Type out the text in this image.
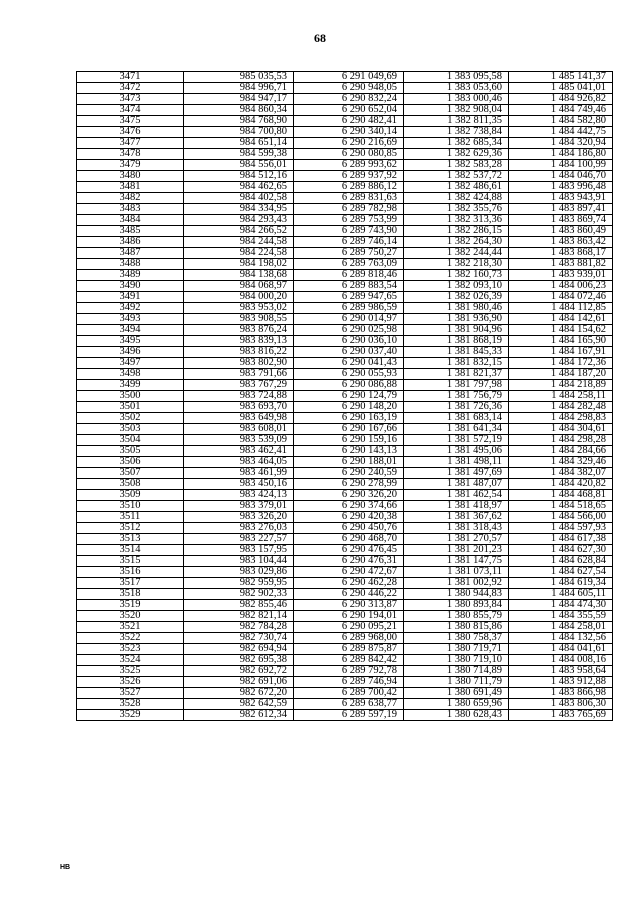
68
3471	985 035,53	6 291 049,69	1 383 095,58	1 485 141,37
3472	984 996,71	6 290 948,05	1 383 053,60	1 485 041,01
3473	984 947,17	6 290 832,24	1 383 000,46	1 484 926,82
3474	984 860,34	6 290 652,04	1 382 908,04	1 484 749,46
3475	984 768,90	6 290 482,41	1 382 811,35	1 484 582,80
3476	984 700,80	6 290 340,14	1 382 738,84	1 484 442,75
3477	984 651,14	6 290 216,69	1 382 685,34	1 484 320,94
3478	984 599,38	6 290 080,85	1 382 629,36	1 484 186,80
3479	984 556,01	6 289 993,62	1 382 583,28	1 484 100,99
3480	984 512,16	6 289 937,92	1 382 537,72	1 484 046,70
3481	984 462,65	6 289 886,12	1 382 486,61	1 483 996,48
3482	984 402,58	6 289 831,63	1 382 424,88	1 483 943,91
3483	984 334,95	6 289 782,98	1 382 355,76	1 483 897,41
3484	984 293,43	6 289 753,99	1 382 313,36	1 483 869,74
3485	984 266,52	6 289 743,90	1 382 286,15	1 483 860,49
3486	984 244,58	6 289 746,14	1 382 264,30	1 483 863,42
3487	984 224,58	6 289 750,27	1 382 244,44	1 483 868,17
3488	984 198,02	6 289 763,09	1 382 218,30	1 483 881,82
3489	984 138,68	6 289 818,46	1 382 160,73	1 483 939,01
3490	984 068,97	6 289 883,54	1 382 093,10	1 484 006,23
3491	984 000,20	6 289 947,65	1 382 026,39	1 484 072,46
3492	983 953,02	6 289 986,59	1 381 980,46	1 484 112,85
3493	983 908,55	6 290 014,97	1 381 936,90	1 484 142,61
3494	983 876,24	6 290 025,98	1 381 904,96	1 484 154,62
3495	983 839,13	6 290 036,10	1 381 868,19	1 484 165,90
3496	983 816,22	6 290 037,40	1 381 845,33	1 484 167,91
3497	983 802,90	6 290 041,43	1 381 832,15	1 484 172,36
3498	983 791,66	6 290 055,93	1 381 821,37	1 484 187,20
3499	983 767,29	6 290 086,88	1 381 797,98	1 484 218,89
3500	983 724,88	6 290 124,79	1 381 756,79	1 484 258,11
3501	983 693,70	6 290 148,20	1 381 726,36	1 484 282,48
3502	983 649,98	6 290 163,19	1 381 683,14	1 484 298,83
3503	983 608,01	6 290 167,66	1 381 641,34	1 484 304,61
3504	983 539,09	6 290 159,16	1 381 572,19	1 484 298,28
3505	983 462,41	6 290 143,13	1 381 495,06	1 484 284,66
3506	983 464,05	6 290 188,01	1 381 498,11	1 484 329,46
3507	983 461,99	6 290 240,59	1 381 497,69	1 484 382,07
3508	983 450,16	6 290 278,99	1 381 487,07	1 484 420,82
3509	983 424,13	6 290 326,20	1 381 462,54	1 484 468,81
3510	983 379,01	6 290 374,66	1 381 418,97	1 484 518,65
3511	983 326,20	6 290 420,38	1 381 367,62	1 484 566,00
3512	983 276,03	6 290 450,76	1 381 318,43	1 484 597,93
3513	983 227,57	6 290 468,70	1 381 270,57	1 484 617,38
3514	983 157,95	6 290 476,45	1 381 201,23	1 484 627,30
3515	983 104,44	6 290 476,31	1 381 147,75	1 484 628,84
3516	983 029,86	6 290 472,67	1 381 073,11	1 484 627,54
3517	982 959,95	6 290 462,28	1 381 002,92	1 484 619,34
3518	982 902,33	6 290 446,22	1 380 944,83	1 484 605,11
3519	982 855,46	6 290 313,87	1 380 893,84	1 484 474,30
3520	982 821,14	6 290 194,01	1 380 855,79	1 484 355,59
3521	982 784,28	6 290 095,21	1 380 815,86	1 484 258,01
3522	982 730,74	6 289 968,00	1 380 758,37	1 484 132,56
3523	982 694,94	6 289 875,87	1 380 719,71	1 484 041,61
3524	982 695,38	6 289 842,42	1 380 719,10	1 484 008,16
3525	982 692,72	6 289 792,78	1 380 714,89	1 483 958,64
3526	982 691,06	6 289 746,94	1 380 711,79	1 483 912,88
3527	982 672,20	6 289 700,42	1 380 691,49	1 483 866,98
3528	982 642,59	6 289 638,77	1 380 659,96	1 483 806,30
3529	982 612,34	6 289 597,19	1 380 628,43	1 483 765,69
НВ
